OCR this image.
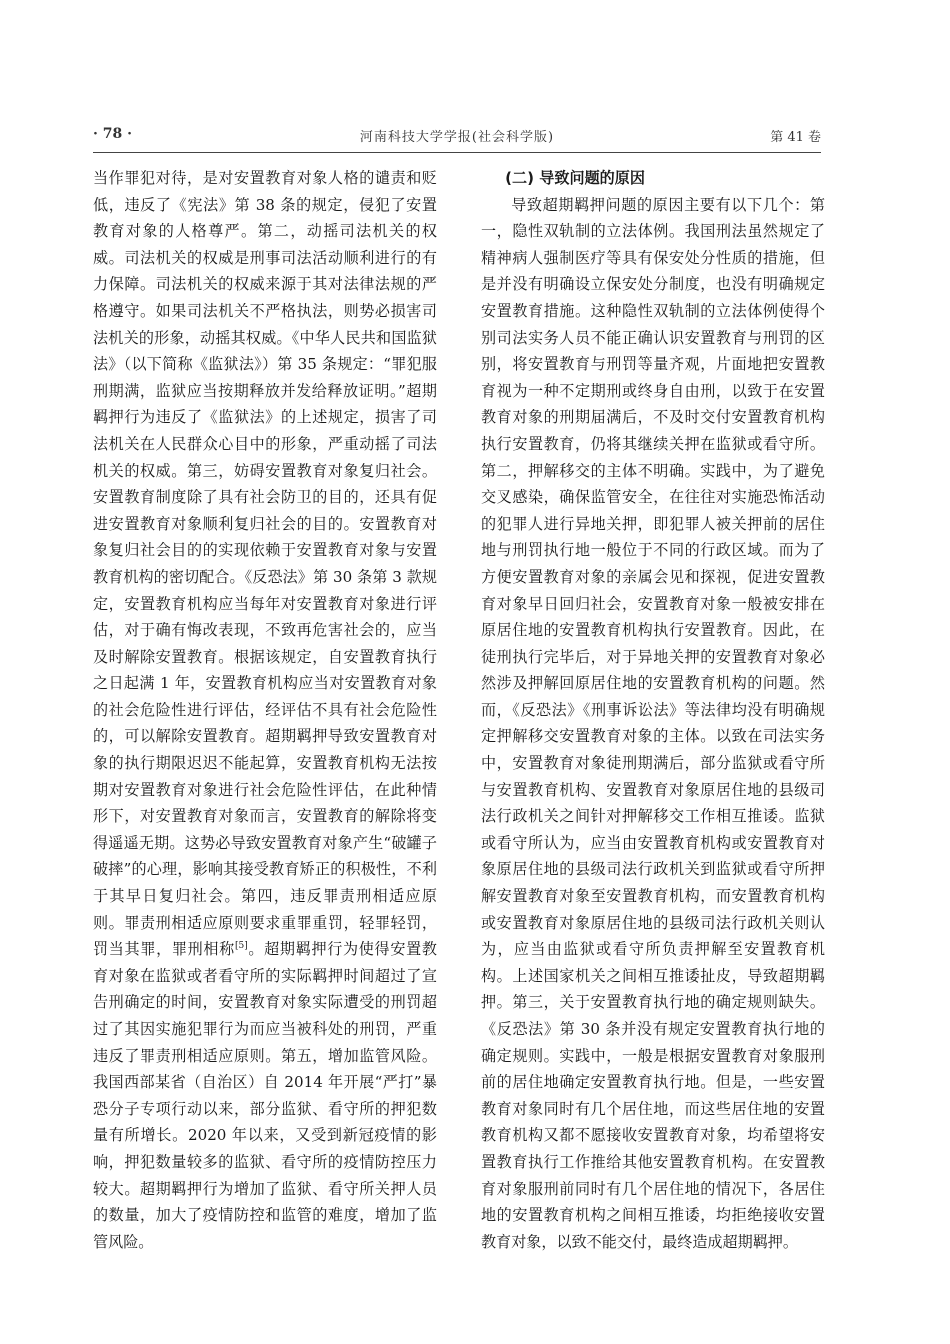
· 78 ·	河南科技大学学报(社会科学版)	第 41 卷

当作罪犯对待，是对安置教育对象人格的谴责和贬低，违反了《宪法》第 38 条的规定，侵犯了安置教育对象的人格尊严。第二，动摇司法机关的权威。司法机关的权威是刑事司法活动顺利进行的有力保障。司法机关的权威来源于其对法律法规的严格遵守。如果司法机关不严格执法，则势必损害司法机关的形象，动摇其权威。《中华人民共和国监狱法》（以下简称《监狱法》）第 35 条规定：“罪犯服刑期满，监狱应当按期释放并发给释放证明。”超期羁押行为违反了《监狱法》的上述规定，损害了司法机关在人民群众心目中的形象，严重动摇了司法机关的权威。第三，妨碍安置教育对象复归社会。安置教育制度除了具有社会防卫的目的，还具有促进安置教育对象顺利复归社会的目的。安置教育对象复归社会目的的实现依赖于安置教育对象与安置教育机构的密切配合。《反恐法》第 30 条第 3 款规定，安置教育机构应当每年对安置教育对象进行评估，对于确有悔改表现，不致再危害社会的，应当及时解除安置教育。根据该规定，自安置教育执行之日起满 1 年，安置教育机构应当对安置教育对象的社会危险性进行评估，经评估不具有社会危险性的，可以解除安置教育。超期羁押导致安置教育对象的执行期限迟迟不能起算，安置教育机构无法按期对安置教育对象进行社会危险性评估，在此种情形下，对安置教育对象而言，安置教育的解除将变得遥遥无期。这势必导致安置教育对象产生“破罐子破摔”的心理，影响其接受教育矫正的积极性，不利于其早日复归社会。第四，违反罪责刑相适应原则。罪责刑相适应原则要求重罪重罚，轻罪轻罚，罚当其罪，罪刑相称[5]。超期羁押行为使得安置教育对象在监狱或者看守所的实际羁押时间超过了宣告刑确定的时间，安置教育对象实际遭受的刑罚超过了其因实施犯罪行为而应当被科处的刑罚，严重违反了罪责刑相适应原则。第五，增加监管风险。我国西部某省（自治区）自 2014 年开展“严打”暴恐分子专项行动以来，部分监狱、看守所的押犯数量有所增长。2020 年以来，又受到新冠疫情的影响，押犯数量较多的监狱、看守所的疫情防控压力较大。超期羁押行为增加了监狱、看守所关押人员的数量，加大了疫情防控和监管的难度，增加了监管风险。

(二) 导致问题的原因

导致超期羁押问题的原因主要有以下几个：第一，隐性双轨制的立法体例。我国刑法虽然规定了精神病人强制医疗等具有保安处分性质的措施，但是并没有明确设立保安处分制度，也没有明确规定安置教育措施。这种隐性双轨制的立法体例使得个别司法实务人员不能正确认识安置教育与刑罚的区别，将安置教育与刑罚等量齐观，片面地把安置教育视为一种不定期刑或终身自由刑，以致于在安置教育对象的刑期届满后，不及时交付安置教育机构执行安置教育，仍将其继续关押在监狱或看守所。第二，押解移交的主体不明确。实践中，为了避免交叉感染，确保监管安全，在往往对实施恐怖活动的犯罪人进行异地关押，即犯罪人被关押前的居住地与刑罚执行地一般位于不同的行政区域。而为了方便安置教育对象的亲属会见和探视，促进安置教育对象早日回归社会，安置教育对象一般被安排在原居住地的安置教育机构执行安置教育。因此，在徒刑执行完毕后，对于异地关押的安置教育对象必然涉及押解回原居住地的安置教育机构的问题。然而，《反恐法》《刑事诉讼法》等法律均没有明确规定押解移交安置教育对象的主体。以致在司法实务中，安置教育对象徒刑期满后，部分监狱或看守所与安置教育机构、安置教育对象原居住地的县级司法行政机关之间针对押解移交工作相互推诿。监狱或看守所认为，应当由安置教育机构或安置教育对象原居住地的县级司法行政机关到监狱或看守所押解安置教育对象至安置教育机构，而安置教育机构或安置教育对象原居住地的县级司法行政机关则认为，应当由监狱或看守所负责押解至安置教育机构。上述国家机关之间相互推诿扯皮，导致超期羁押。第三，关于安置教育执行地的确定规则缺失。《反恐法》第 30 条并没有规定安置教育执行地的确定规则。实践中，一般是根据安置教育对象服刑前的居住地确定安置教育执行地。但是，一些安置教育对象同时有几个居住地，而这些居住地的安置教育机构又都不愿接收安置教育对象，均希望将安置教育执行工作推给其他安置教育机构。在安置教育对象服刑前同时有几个居住地的情况下，各居住地的安置教育机构之间相互推诿，均拒绝接收安置教育对象，以致不能交付，最终造成超期羁押。
